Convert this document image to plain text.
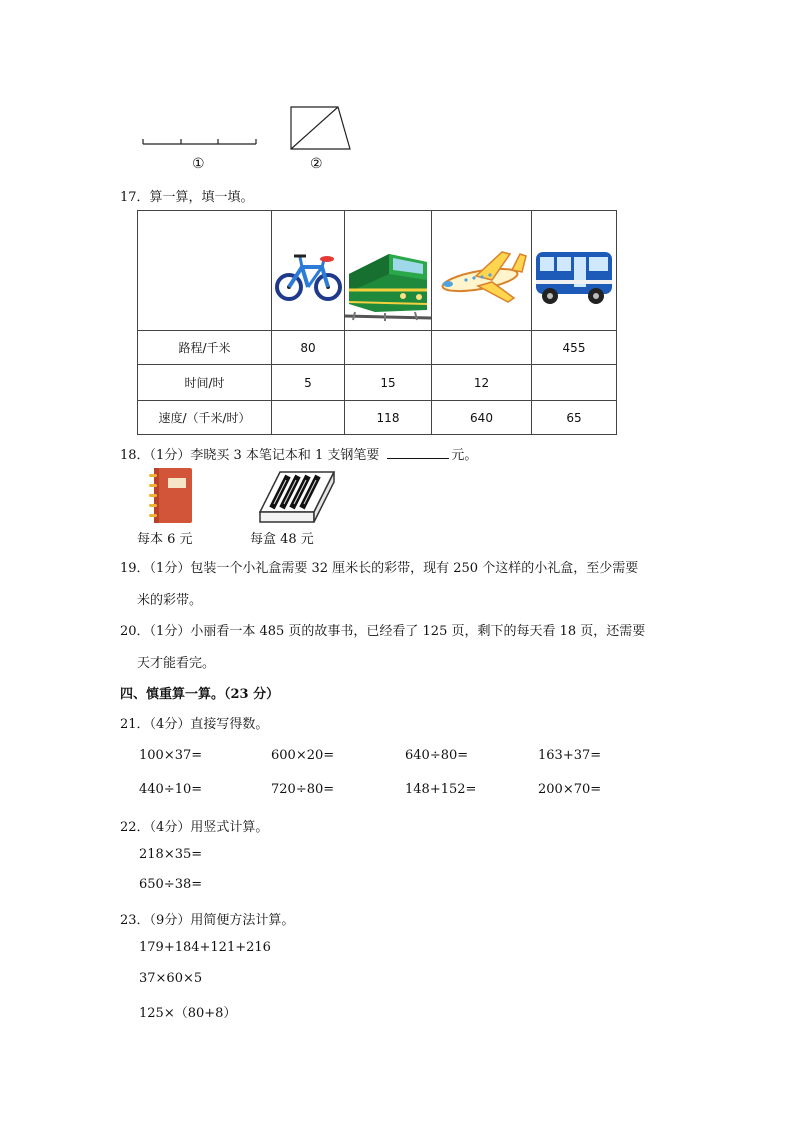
①	②
17．算一算，填一填。

路程/千米	80			455
时间/时	5	15	12	
速度/（千米/时）		118	640	65
18．（1分）李晓买 3 本笔记本和 1 支钢笔要	元。
每本 6 元	每盒 48 元
19．（1分）包装一个小礼盒需要 32 厘米长的彩带，现有 250 个这样的小礼盒，至少需要
米的彩带。
20．（1分）小丽看一本 485 页的故事书，已经看了 125 页，剩下的每天看 18 页，还需要
天才能看完。
四、慎重算一算。（23 分）
21．（4分）直接写得数。
100×37=	600×20=	640÷80=	163+37=
440÷10=	720÷80=	148+152=	200×70=
22．（4分）用竖式计算。
218×35=
650÷38=
23．（9分）用简便方法计算。
179+184+121+216
37×60×5
125×（80+8）
